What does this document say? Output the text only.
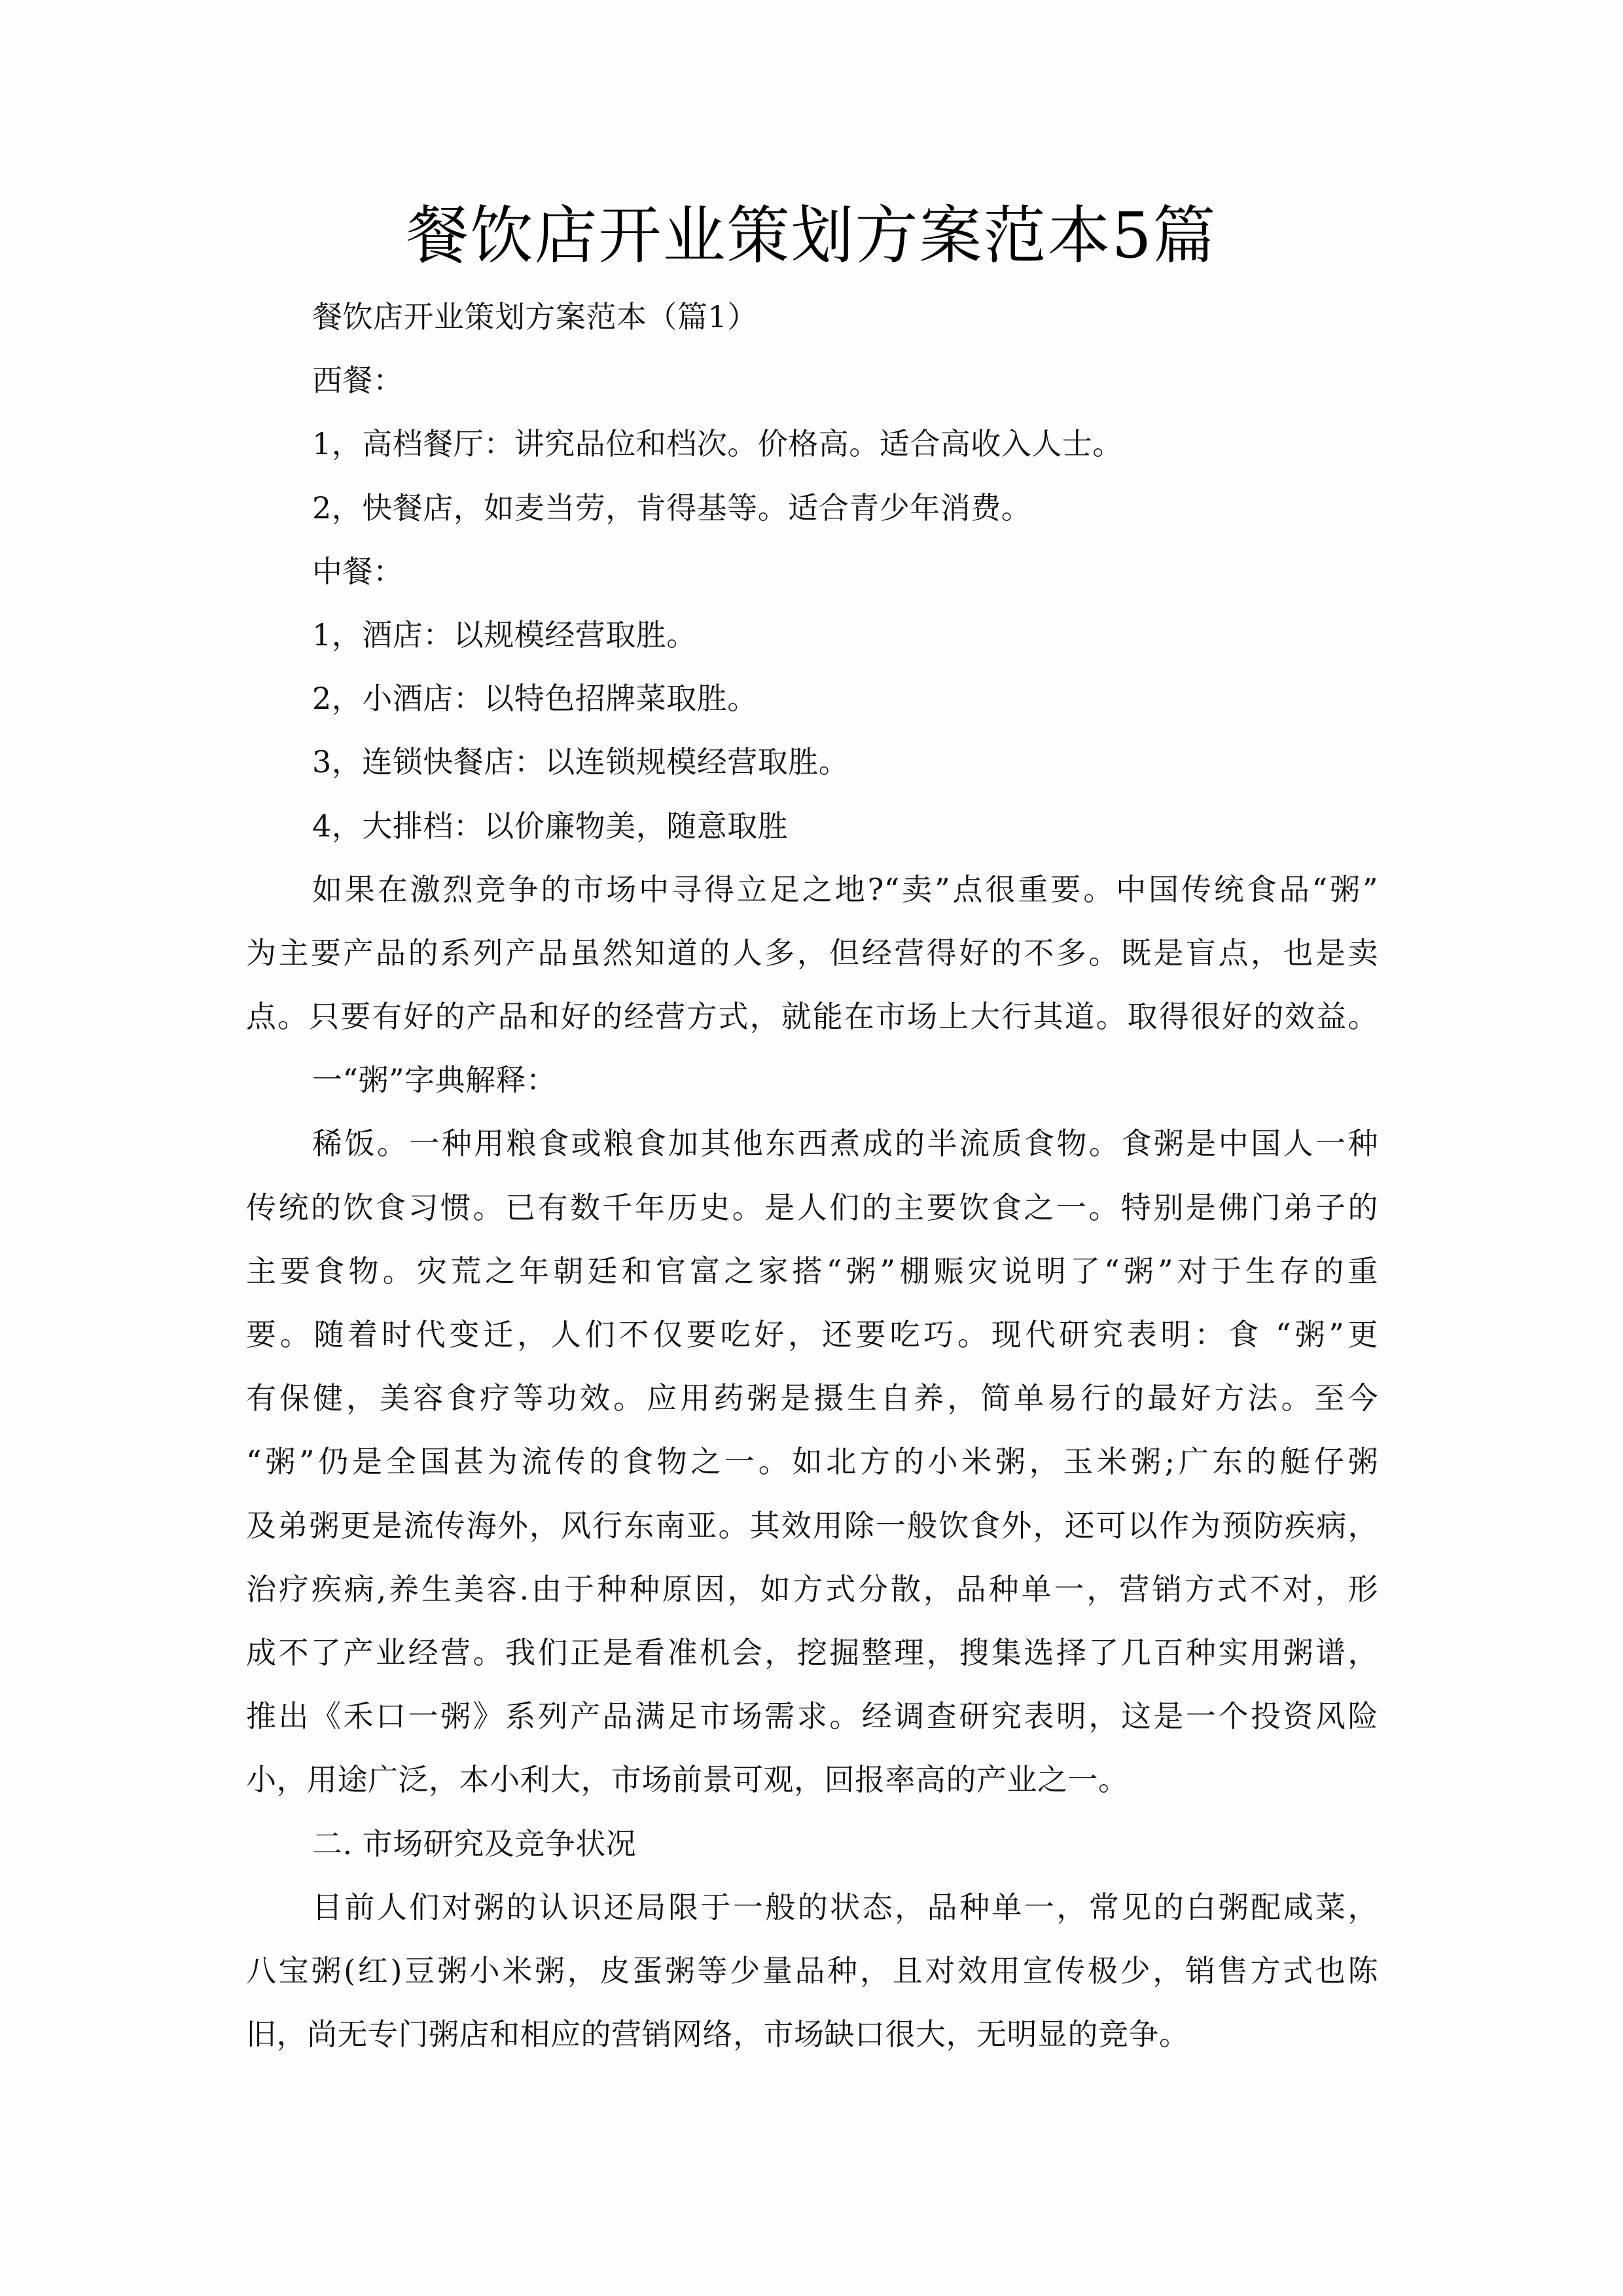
餐饮店开业策划方案范本5篇
餐饮店开业策划方案范本（篇1）
西餐：
1，高档餐厅：讲究品位和档次。价格高。适合高收入人士。
2，快餐店，如麦当劳，肯得基等。适合青少年消费。
中餐：
1，酒店：以规模经营取胜。
2，小酒店：以特色招牌菜取胜。
3，连锁快餐店：以连锁规模经营取胜。
4，大排档：以价廉物美，随意取胜
如果在激烈竞争的市场中寻得立足之地?“卖”点很重要。中国传统食品“粥”
为主要产品的系列产品虽然知道的人多，但经营得好的不多。既是盲点，也是卖
点。只要有好的产品和好的经营方式，就能在市场上大行其道。取得很好的效益。
一“粥”字典解释：
稀饭。一种用粮食或粮食加其他东西煮成的半流质食物。食粥是中国人一种
传统的饮食习惯。已有数千年历史。是人们的主要饮食之一。特别是佛门弟子的
主要食物。灾荒之年朝廷和官富之家搭“粥”棚赈灾说明了“粥”对于生存的重
要。随着时代变迁，人们不仅要吃好，还要吃巧。现代研究表明：食 “粥”更
有保健，美容食疗等功效。应用药粥是摄生自养，简单易行的最好方法。至今
“粥”仍是全国甚为流传的食物之一。如北方的小米粥，玉米粥;广东的艇仔粥
及弟粥更是流传海外，风行东南亚。其效用除一般饮食外，还可以作为预防疾病，
治疗疾病,养生美容.由于种种原因，如方式分散，品种单一，营销方式不对，形
成不了产业经营。我们正是看准机会，挖掘整理，搜集选择了几百种实用粥谱，
推出《禾口一粥》系列产品满足市场需求。经调查研究表明，这是一个投资风险
小，用途广泛，本小利大，市场前景可观，回报率高的产业之一。
二. 市场研究及竞争状况
目前人们对粥的认识还局限于一般的状态，品种单一，常见的白粥配咸菜，
八宝粥(红)豆粥小米粥，皮蛋粥等少量品种，且对效用宣传极少，销售方式也陈
旧，尚无专门粥店和相应的营销网络，市场缺口很大，无明显的竞争。
